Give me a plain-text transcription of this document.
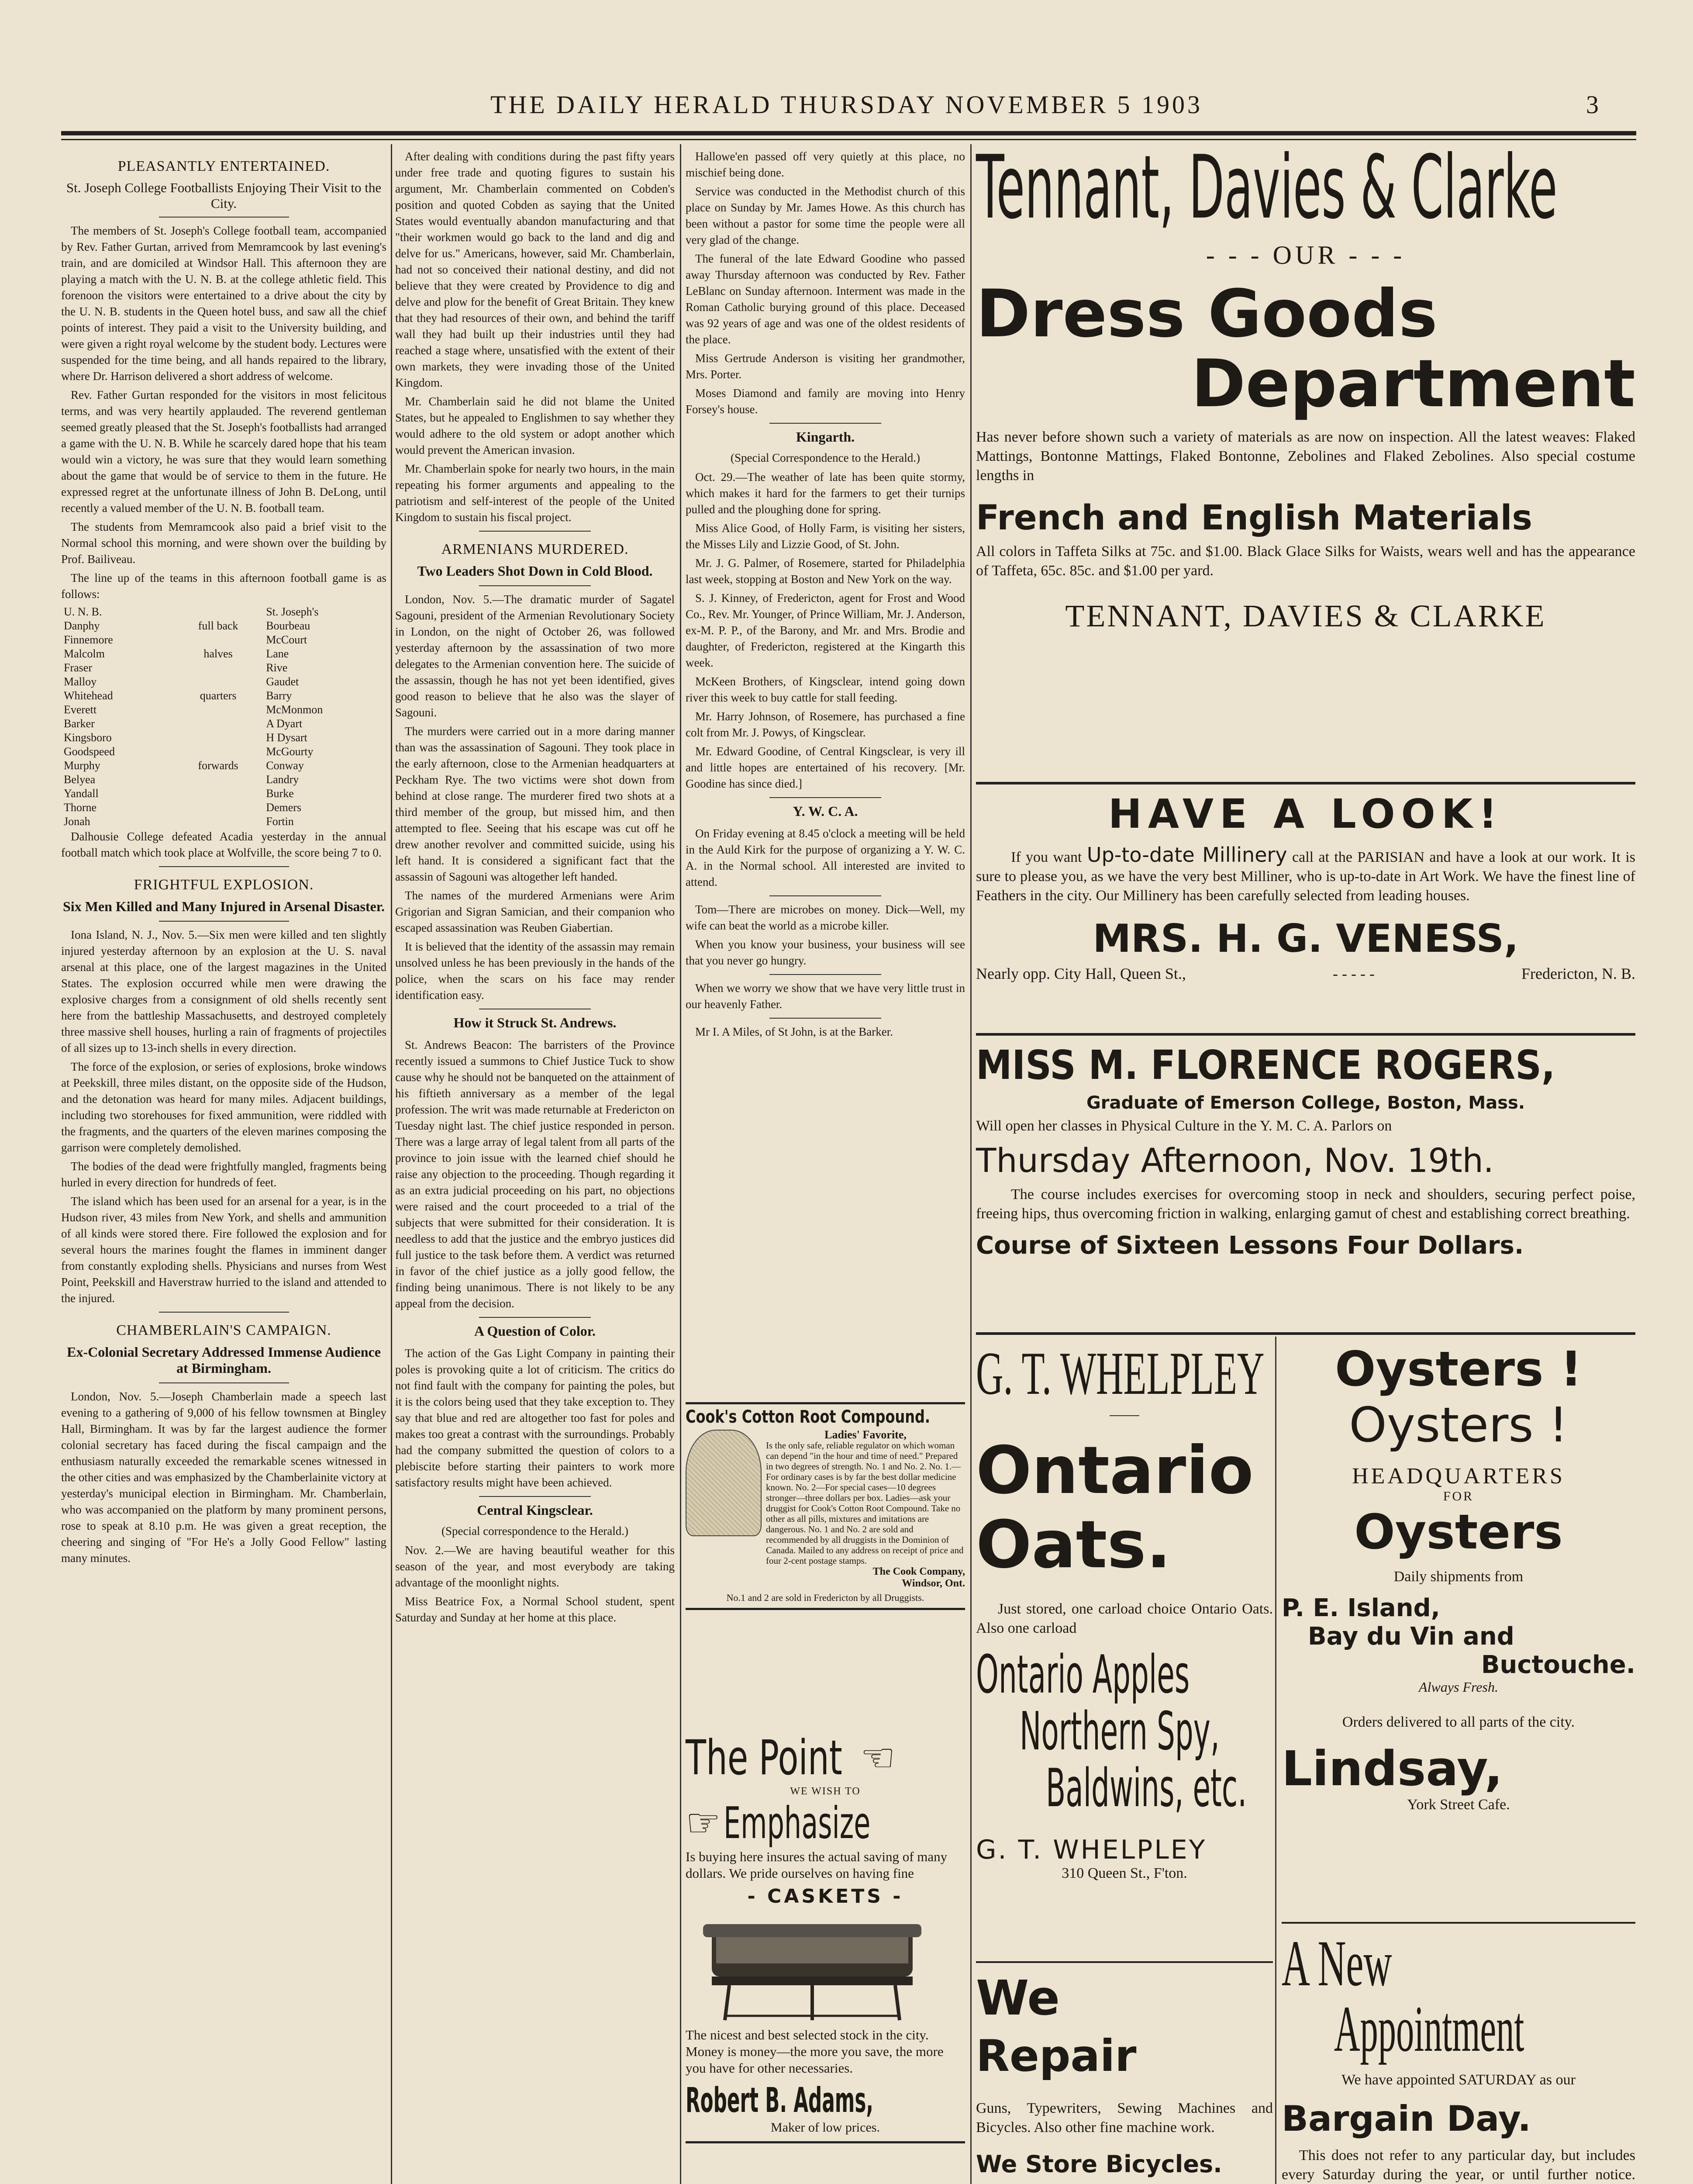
THE DAILY HERALD THURSDAY NOVEMBER 5 1903	3
PLEASANTLY ENTERTAINED.
St. Joseph College Footballists Enjoying Their Visit to the City.

The members of St. Joseph's College football team, accompanied by Rev. Father Gurtan, arrived from Memramcook by last evening's train, and are domiciled at Windsor Hall. This afternoon they are playing a match with the U. N. B. at the college athletic field. This forenoon the visitors were entertained to a drive about the city by the U. N. B. students in the Queen hotel buss, and saw all the chief points of interest. They paid a visit to the University building, and were given a right royal welcome by the student body. Lectures were suspended for the time being, and all hands repaired to the library, where Dr. Harrison delivered a short address of welcome.

Rev. Father Gurtan responded for the visitors in most felicitous terms, and was very heartily applauded. The reverend gentleman seemed greatly pleased that the St. Joseph's footballists had arranged a game with the U. N. B. While he scarcely dared hope that his team would win a victory, he was sure that they would learn something about the game that would be of service to them in the future. He expressed regret at the unfortunate illness of John B. DeLong, until recently a valued member of the U. N. B. football team.

The students from Memramcook also paid a brief visit to the Normal school this morning, and were shown over the building by Prof. Bailiveau.

The line up of the teams in this afternoon football game is as follows:

U. N. B.		St. Joseph's
Danphy	full back	Bourbeau
Finnemore		McCourt
Malcolm	halves	Lane
Fraser		Rive
Malloy		Gaudet
Whitehead	quarters	Barry
Everett		McMonmon
Barker		A Dyart
Kingsboro		H Dysart
Goodspeed		McGourty
Murphy	forwards	Conway
Belyea		Landry
Yandall		Burke
Thorne		Demers
Jonah		Fortin

Dalhousie College defeated Acadia yesterday in the annual football match which took place at Wolfville, the score being 7 to 0.

FRIGHTFUL EXPLOSION.
Six Men Killed and Many Injured in Arsenal Disaster.

Iona Island, N. J., Nov. 5.—Six men were killed and ten slightly injured yesterday afternoon by an explosion at the U. S. naval arsenal at this place, one of the largest magazines in the United States. The explosion occurred while men were drawing the explosive charges from a consignment of old shells recently sent here from the battleship Massachusetts, and destroyed completely three massive shell houses, hurling a rain of fragments of projectiles of all sizes up to 13-inch shells in every direction.

The force of the explosion, or series of explosions, broke windows at Peekskill, three miles distant, on the opposite side of the Hudson, and the detonation was heard for many miles. Adjacent buildings, including two storehouses for fixed ammunition, were riddled with the fragments, and the quarters of the eleven marines composing the garrison were completely demolished.

The bodies of the dead were frightfully mangled, fragments being hurled in every direction for hundreds of feet.

The island which has been used for an arsenal for a year, is in the Hudson river, 43 miles from New York, and shells and ammunition of all kinds were stored there. Fire followed the explosion and for several hours the marines fought the flames in imminent danger from constantly exploding shells. Physicians and nurses from West Point, Peekskill and Haverstraw hurried to the island and attended to the injured.

CHAMBERLAIN'S CAMPAIGN.
Ex-Colonial Secretary Addressed Immense Audience at Birmingham.

London, Nov. 5.—Joseph Chamberlain made a speech last evening to a gathering of 9,000 of his fellow townsmen at Bingley Hall, Birmingham. It was by far the largest audience the former colonial secretary has faced during the fiscal campaign and the enthusiasm naturally exceeded the remarkable scenes witnessed in the other cities and was emphasized by the Chamberlainite victory at yesterday's municipal election in Birmingham. Mr. Chamberlain, who was accompanied on the platform by many prominent persons, rose to speak at 8.10 p.m. He was given a great reception, the cheering and singing of "For He's a Jolly Good Fellow" lasting many minutes.

After dealing with conditions during the past fifty years under free trade and quoting figures to sustain his argument, Mr. Chamberlain commented on Cobden's position and quoted Cobden as saying that the United States would eventually abandon manufacturing and that "their workmen would go back to the land and dig and delve for us." Americans, however, said Mr. Chamberlain, had not so conceived their national destiny, and did not believe that they were created by Providence to dig and delve and plow for the benefit of Great Britain. They knew that they had resources of their own, and behind the tariff wall they had built up their industries until they had reached a stage where, unsatisfied with the extent of their own markets, they were invading those of the United Kingdom.

Mr. Chamberlain said he did not blame the United States, but he appealed to Englishmen to say whether they would adhere to the old system or adopt another which would prevent the American invasion.

Mr. Chamberlain spoke for nearly two hours, in the main repeating his former arguments and appealing to the patriotism and self-interest of the people of the United Kingdom to sustain his fiscal project.

ARMENIANS MURDERED.
Two Leaders Shot Down in Cold Blood.

London, Nov. 5.—The dramatic murder of Sagatel Sagouni, president of the Armenian Revolutionary Society in London, on the night of October 26, was followed yesterday afternoon by the assassination of two more delegates to the Armenian convention here. The suicide of the assassin, though he has not yet been identified, gives good reason to believe that he also was the slayer of Sagouni.

The murders were carried out in a more daring manner than was the assassination of Sagouni. They took place in the early afternoon, close to the Armenian headquarters at Peckham Rye. The two victims were shot down from behind at close range. The murderer fired two shots at a third member of the group, but missed him, and then attempted to flee. Seeing that his escape was cut off he drew another revolver and committed suicide, using his left hand. It is considered a significant fact that the assassin of Sagouni was altogether left handed.

The names of the murdered Armenians were Arim Grigorian and Sigran Samician, and their companion who escaped assassination was Reuben Giabertian.

It is believed that the identity of the assassin may remain unsolved unless he has been previously in the hands of the police, when the scars on his face may render identification easy.

How it Struck St. Andrews.

St. Andrews Beacon: The barristers of the Province recently issued a summons to Chief Justice Tuck to show cause why he should not be banqueted on the attainment of his fiftieth anniversary as a member of the legal profession. The writ was made returnable at Fredericton on Tuesday night last. The chief justice responded in person. There was a large array of legal talent from all parts of the province to join issue with the learned chief should he raise any objection to the proceeding. Though regarding it as an extra judicial proceeding on his part, no objections were raised and the court proceeded to a trial of the subjects that were submitted for their consideration. It is needless to add that the justice and the embryo justices did full justice to the task before them. A verdict was returned in favor of the chief justice as a jolly good fellow, the finding being unanimous. There is not likely to be any appeal from the decision.

A Question of Color.

The action of the Gas Light Company in painting their poles is provoking quite a lot of criticism. The critics do not find fault with the company for painting the poles, but it is the colors being used that they take exception to. They say that blue and red are altogether too fast for poles and makes too great a contrast with the surroundings. Probably had the company submitted the question of colors to a plebiscite before starting their painters to work more satisfactory results might have been achieved.

Central Kingsclear.
(Special correspondence to the Herald.)

Nov. 2.—We are having beautiful weather for this season of the year, and most everybody are taking advantage of the moonlight nights.

Miss Beatrice Fox, a Normal School student, spent Saturday and Sunday at her home at this place.

Hallowe'en passed off very quietly at this place, no mischief being done.

Service was conducted in the Methodist church of this place on Sunday by Mr. James Howe. As this church has been without a pastor for some time the people were all very glad of the change.

The funeral of the late Edward Goodine who passed away Thursday afternoon was conducted by Rev. Father LeBlanc on Sunday afternoon. Interment was made in the Roman Catholic burying ground of this place. Deceased was 92 years of age and was one of the oldest residents of the place.

Miss Gertrude Anderson is visiting her grandmother, Mrs. Porter.

Moses Diamond and family are moving into Henry Forsey's house.

Kingarth.
(Special Correspondence to the Herald.)

Oct. 29.—The weather of late has been quite stormy, which makes it hard for the farmers to get their turnips pulled and the ploughing done for spring.

Miss Alice Good, of Holly Farm, is visiting her sisters, the Misses Lily and Lizzie Good, of St. John.

Mr. J. G. Palmer, of Rosemere, started for Philadelphia last week, stopping at Boston and New York on the way.

S. J. Kinney, of Fredericton, agent for Frost and Wood Co., Rev. Mr. Younger, of Prince William, Mr. J. Anderson, ex-M. P. P., of the Barony, and Mr. and Mrs. Brodie and daughter, of Fredericton, registered at the Kingarth this week.

McKeen Brothers, of Kingsclear, intend going down river this week to buy cattle for stall feeding.

Mr. Harry Johnson, of Rosemere, has purchased a fine colt from Mr. J. Powys, of Kingsclear.

Mr. Edward Goodine, of Central Kingsclear, is very ill and little hopes are entertained of his recovery. [Mr. Goodine has since died.]

Y. W. C. A.

On Friday evening at 8.45 o'clock a meeting will be held in the Auld Kirk for the purpose of organizing a Y. W. C. A. in the Normal school. All interested are invited to attend.

Tom—There are microbes on money. Dick—Well, my wife can beat the world as a microbe killer.

When you know your business, your business will see that you never go hungry.

When we worry we show that we have very little trust in our heavenly Father.

Mr I. A Miles, of St John, is at the Barker.

Cook's Cotton Root Compound.
Ladies' Favorite,
Is the only safe, reliable regulator on which woman can depend "in the hour and time of need." Prepared in two degrees of strength. No. 1 and No. 2. No. 1.—For ordinary cases is by far the best dollar medicine known. No. 2—For special cases—10 degrees stronger—three dollars per box. Ladies—ask your druggist for Cook's Cotton Root Compound. Take no other as all pills, mixtures and imitations are dangerous. No. 1 and No. 2 are sold and recommended by all druggists in the Dominion of Canada. Mailed to any address on receipt of price and four 2-cent postage stamps.
The Cook Company,
Windsor, Ont.
No.1 and 2 are sold in Fredericton by all Druggists.
The Point ☜
WE WISH TO
☞ Emphasize
Is buying here insures the actual saving of many dollars. We pride ourselves on having fine
- CASKETS -
The nicest and best selected stock in the city. Money is money—the more you save, the more you have for other necessaries.
Robert B. Adams,
Maker of low prices.
Tennant, Davies & Clarke
- - - OUR - - -
Dress Goods
Department
Has never before shown such a variety of materials as are now on inspection. All the latest weaves: Flaked Mattings, Bontonne Mattings, Flaked Bontonne, Zebolines and Flaked Zebolines. Also special costume lengths in
French and English Materials
All colors in Taffeta Silks at 75c. and $1.00. Black Glace Silks for Waists, wears well and has the appearance of Taffeta, 65c. 85c. and $1.00 per yard.
TENNANT, DAVIES & CLARKE
HAVE A LOOK!
If you want Up-to-date Millinery call at the PARISIAN and have a look at our work. It is sure to please you, as we have the very best Milliner, who is up-to-date in Art Work. We have the finest line of Feathers in the city. Our Millinery has been carefully selected from leading houses.
MRS. H. G. VENESS,
Nearly opp. City Hall, Queen St.,	- - - - -	Fredericton, N. B.
MISS M. FLORENCE ROGERS,
Graduate of Emerson College, Boston, Mass.
Will open her classes in Physical Culture in the Y. M. C. A. Parlors on
Thursday Afternoon, Nov. 19th.
The course includes exercises for overcoming stoop in neck and shoulders, securing perfect poise, freeing hips, thus overcoming friction in walking, enlarging gamut of chest and establishing correct breathing.
Course of Sixteen Lessons Four Dollars.
G. T. WHELPLEY
Ontario
Oats.
Just stored, one carload choice Ontario Oats. Also one carload
Ontario Apples
Northern Spy,
Baldwins, etc.
G. T. WHELPLEY
310 Queen St., F'ton.
We
Repair
Guns, Typewriters, Sewing Machines and Bicycles. Also other fine machine work.
We Store Bicycles.
Oysters !
Oysters !
HEADQUARTERS
FOR
Oysters
Daily shipments from
P. E. Island,
Bay du Vin and
Buctouche.
Always Fresh.
Orders delivered to all parts of the city.
Lindsay,
York Street Cafe.
A New
Appointment
We have appointed SATURDAY as our
Bargain Day.
This does not refer to any particular day, but includes every Saturday during the year, or until further notice.
